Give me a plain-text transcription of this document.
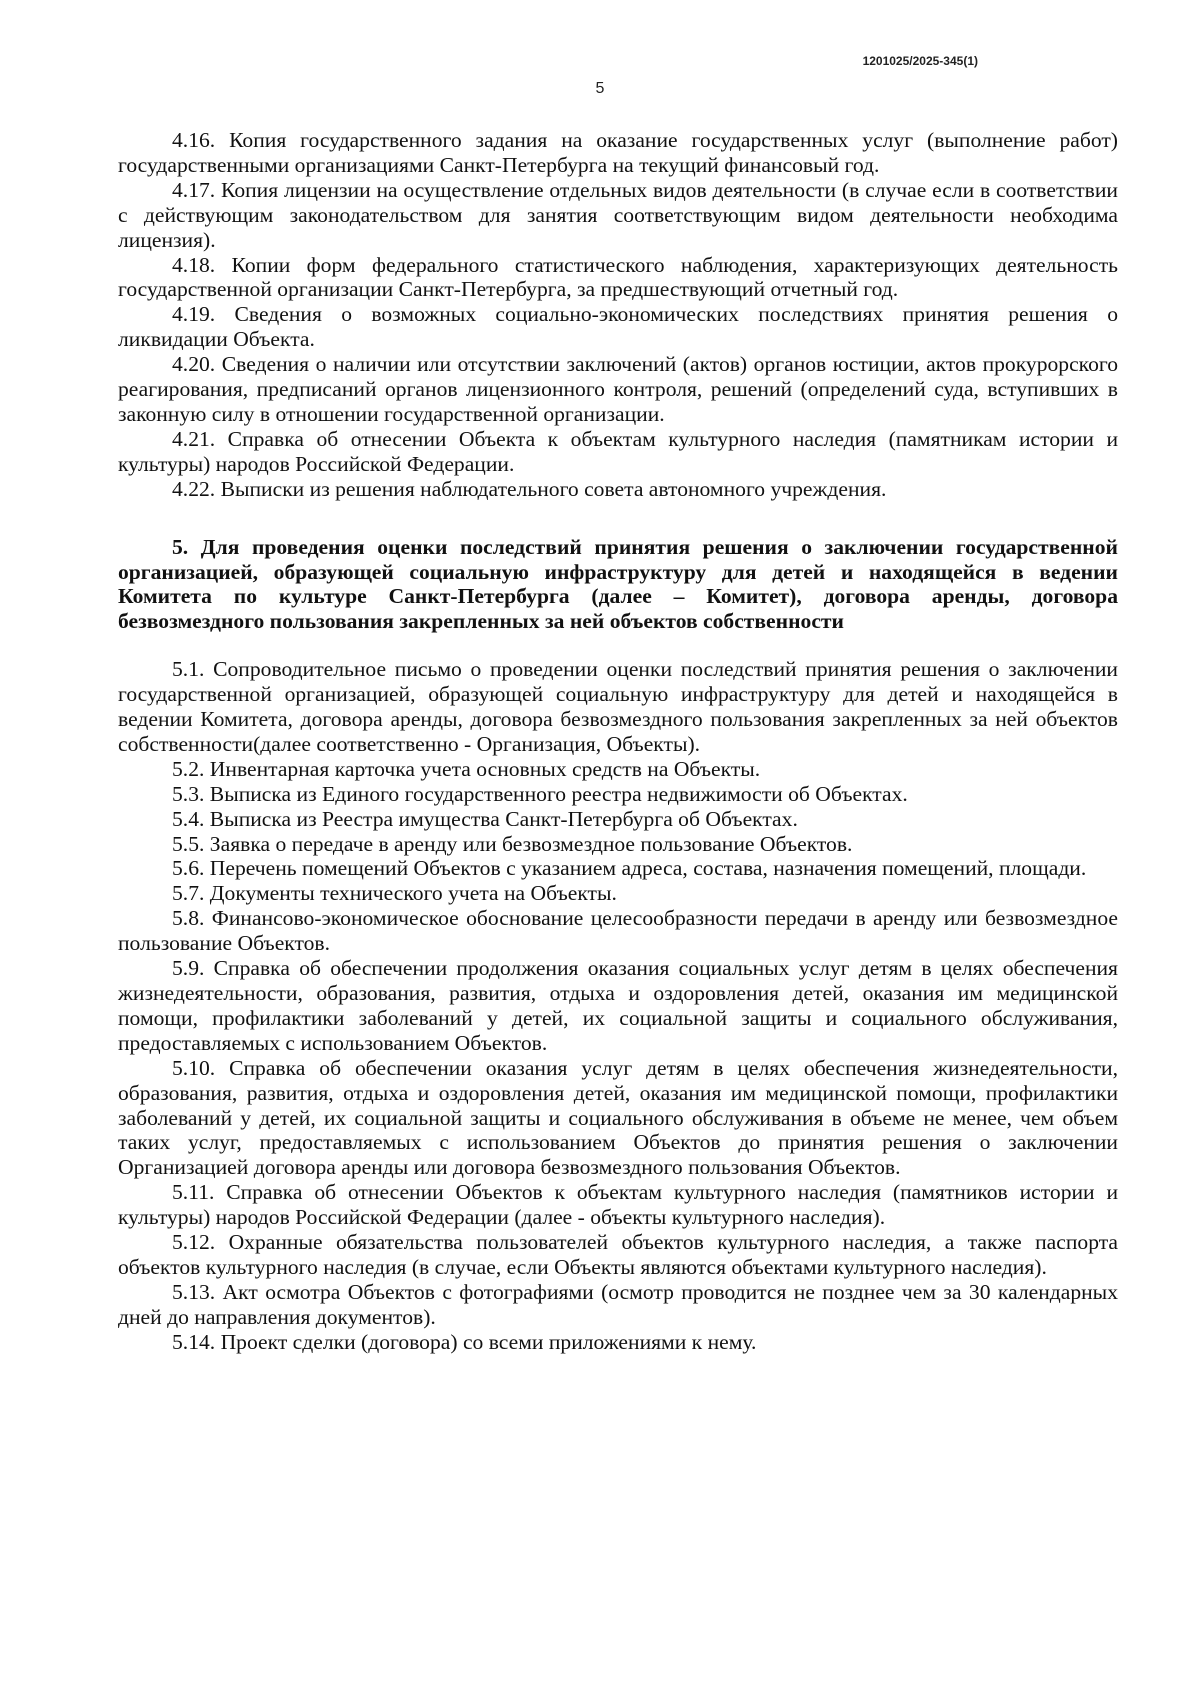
1201025/2025-345(1)
5

4.16. Копия государственного задания на оказание государственных услуг (выполнение работ) государственными организациями Санкт-Петербурга на текущий финансовый год.

4.17. Копия лицензии на осуществление отдельных видов деятельности (в случае если в соответствии с действующим законодательством для занятия соответствующим видом деятельности необходима лицензия).

4.18. Копии форм федерального статистического наблюдения, характеризующих деятельность государственной организации Санкт-Петербурга, за предшествующий отчетный год.

4.19. Сведения о возможных социально-экономических последствиях принятия решения о ликвидации Объекта.

4.20. Сведения о наличии или отсутствии заключений (актов) органов юстиции, актов прокурорского реагирования, предписаний органов лицензионного контроля, решений (определений суда, вступивших в законную силу в отношении государственной организации.

4.21. Справка об отнесении Объекта к объектам культурного наследия (памятникам истории и культуры) народов Российской Федерации.

4.22. Выписки из решения наблюдательного совета автономного учреждения.

5. Для проведения оценки последствий принятия решения о заключении государственной организацией, образующей социальную инфраструктуру для детей и находящейся в ведении Комитета по культуре Санкт-Петербурга (далее – Комитет), договора аренды, договора безвозмездного пользования закрепленных за ней объектов собственности

5.1. Сопроводительное письмо о проведении оценки последствий принятия решения о заключении государственной организацией, образующей социальную инфраструктуру для детей и находящейся в ведении Комитета, договора аренды, договора безвозмездного пользования закрепленных за ней объектов собственности(далее соответственно - Организация, Объекты).

5.2. Инвентарная карточка учета основных средств на Объекты.

5.3. Выписка из Единого государственного реестра недвижимости об Объектах.

5.4. Выписка из Реестра имущества Санкт-Петербурга об Объектах.

5.5. Заявка о передаче в аренду или безвозмездное пользование Объектов.

5.6. Перечень помещений Объектов с указанием адреса, состава, назначения помещений, площади.

5.7. Документы технического учета на Объекты.

5.8. Финансово-экономическое обоснование целесообразности передачи в аренду или безвозмездное пользование Объектов.

5.9. Справка об обеспечении продолжения оказания социальных услуг детям в целях обеспечения жизнедеятельности, образования, развития, отдыха и оздоровления детей, оказания им медицинской помощи, профилактики заболеваний у детей, их социальной защиты и социального обслуживания, предоставляемых с использованием Объектов.

5.10. Справка об обеспечении оказания услуг детям в целях обеспечения жизнедеятельности, образования, развития, отдыха и оздоровления детей, оказания им медицинской помощи, профилактики заболеваний у детей, их социальной защиты и социального обслуживания в объеме не менее, чем объем таких услуг, предоставляемых с использованием Объектов до принятия решения о заключении Организацией договора аренды или договора безвозмездного пользования Объектов.

5.11. Справка об отнесении Объектов к объектам культурного наследия (памятников истории и культуры) народов Российской Федерации (далее - объекты культурного наследия).

5.12. Охранные обязательства пользователей объектов культурного наследия, а также паспорта объектов культурного наследия (в случае, если Объекты являются объектами культурного наследия).

5.13. Акт осмотра Объектов с фотографиями (осмотр проводится не позднее чем за 30 календарных дней до направления документов).

5.14. Проект сделки (договора) со всеми приложениями к нему.
